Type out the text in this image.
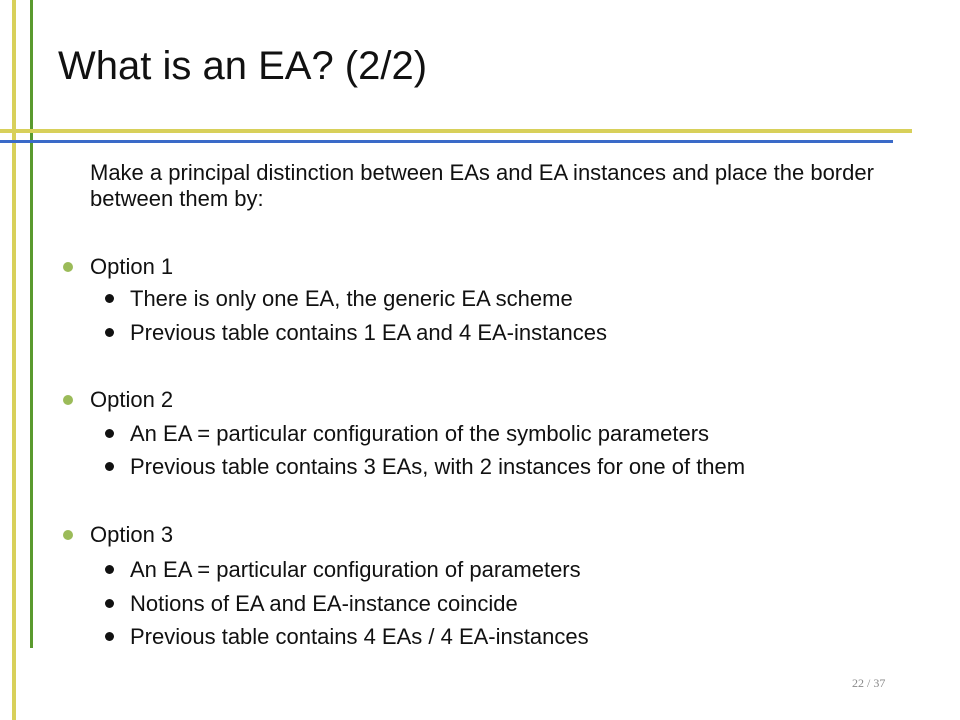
What is an EA? (2/2)

Make a principal distinction between EAs and EA instances and place the border between them by:

Option 1

There is only one EA, the generic EA scheme

Previous table contains 1 EA and 4 EA-instances

Option 2

An EA = particular configuration of the symbolic parameters

Previous table contains 3 EAs, with 2 instances for one of them

Option 3

An EA = particular configuration of parameters

Notions of EA and EA-instance coincide

Previous table contains 4 EAs / 4 EA-instances

22 / 37
